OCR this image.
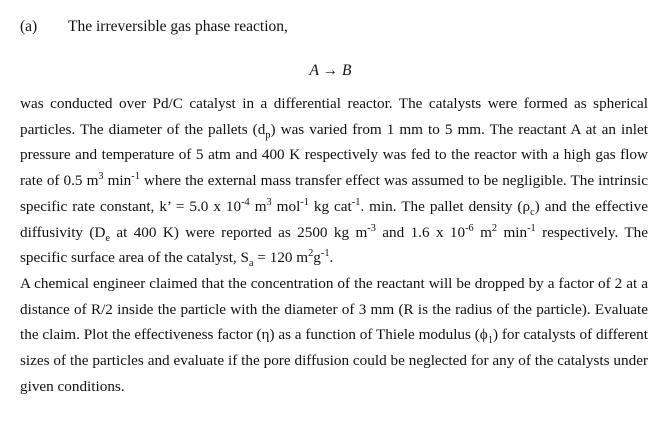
(a) The irreversible gas phase reaction,
A → B

was conducted over Pd/C catalyst in a differential reactor. The catalysts were formed as spherical particles. The diameter of the pallets $(d_p)$ was varied from 1 mm to 5 mm. The reactant A at an inlet pressure and temperature of 5 atm and 400 K respectively was fed to the reactor with a high gas flow rate of 0.5 $m^3$ $\min^{-1}$ where the external mass transfer effect was assumed to be negligible. The intrinsic specific rate constant, k’ = 5.0 x $10^{-4}$ $m^3$ mol$^{-1}$ kg cat$^{-1}$. min. The pallet density $(\rho_c)$ and the effective diffusivity ($D_e$ at 400 K) were reported as 2500 kg $m^{-3}$ and 1.6 x $10^{-6}$ $m^2$ $\min^{-1}$ respectively. The specific surface area of the catalyst, $S_a = 120$ $m^2g^{-1}$.

A chemical engineer claimed that the concentration of the reactant will be dropped by a factor of 2 at a distance of R/2 inside the particle with the diameter of 3 mm (R is the radius of the particle). Evaluate the claim. Plot the effectiveness factor (η) as a function of Thiele modulus $(\phi_1)$ for catalysts of different sizes of the particles and evaluate if the pore diffusion could be neglected for any of the catalysts under given conditions.
